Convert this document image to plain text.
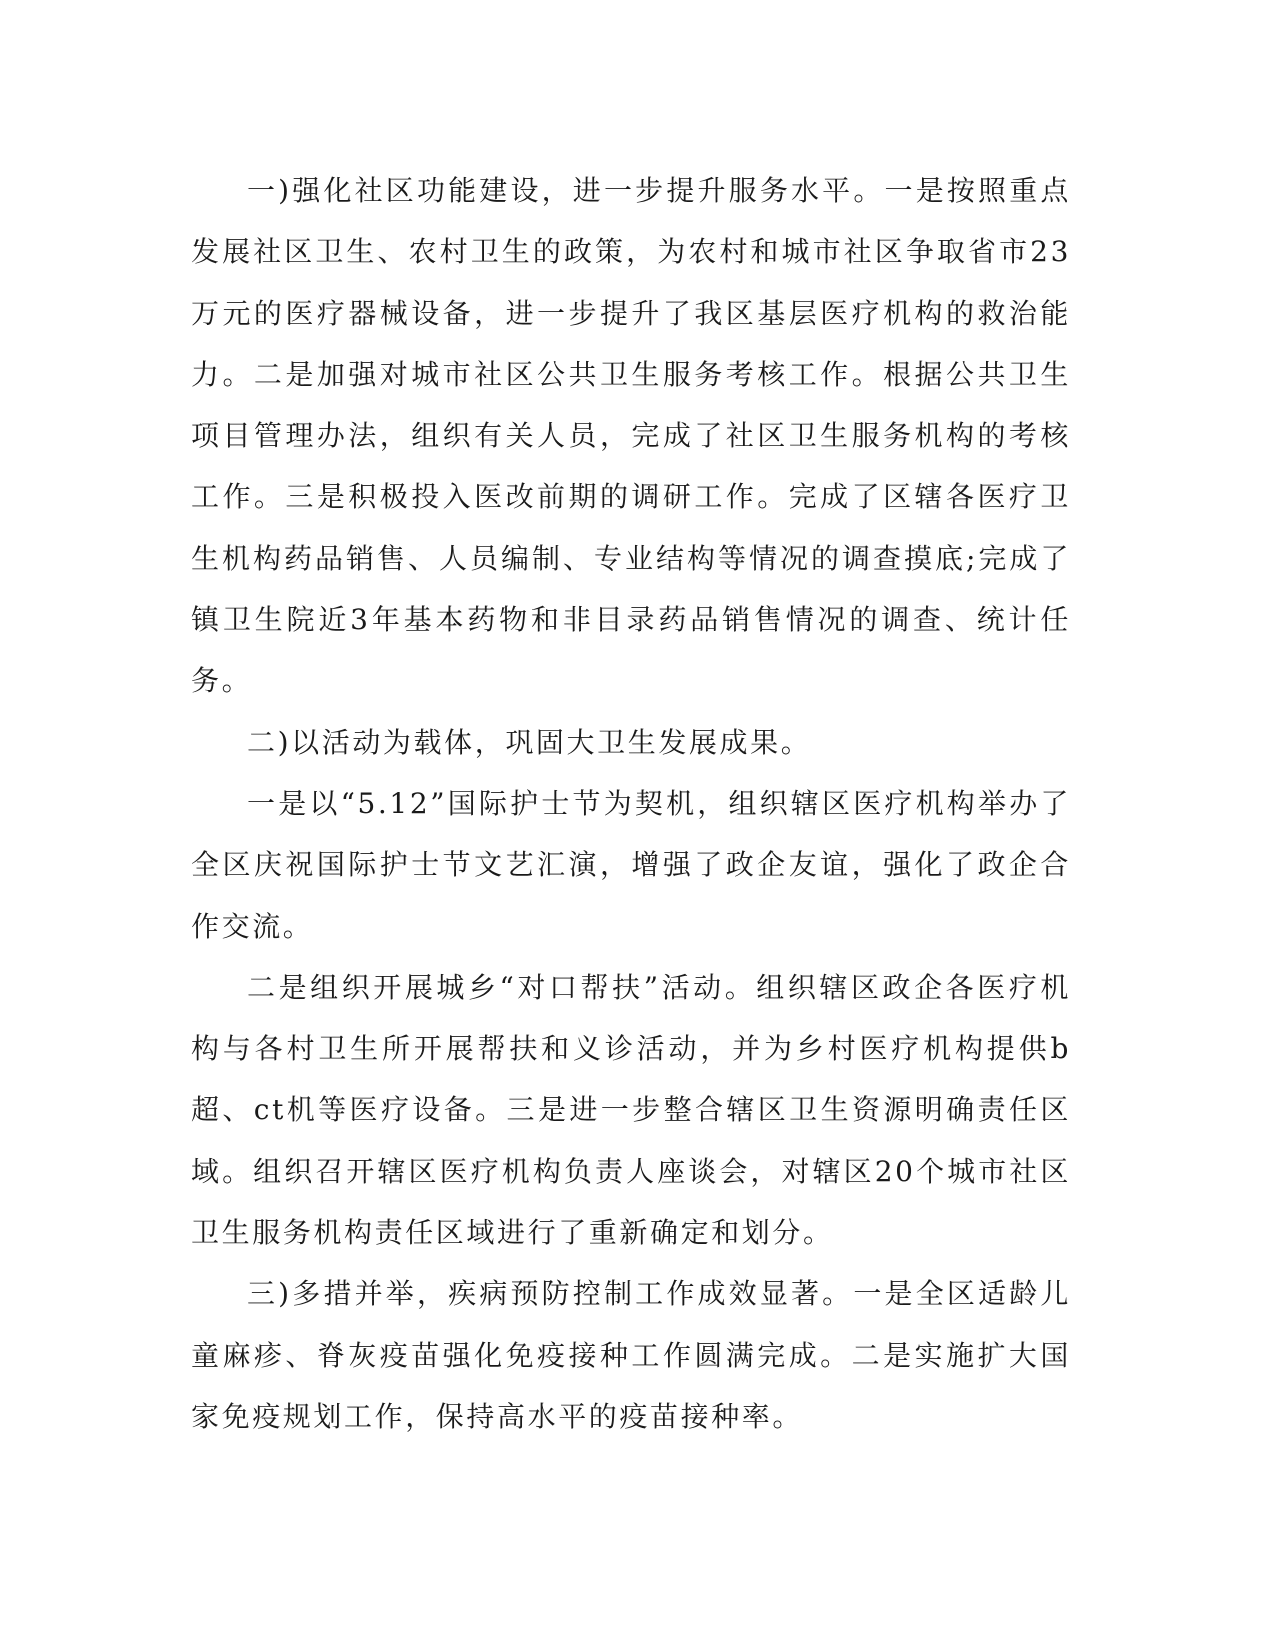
一)强化社区功能建设，进一步提升服务水平。一是按照重点发展社区卫生、农村卫生的政策，为农村和城市社区争取省市23万元的医疗器械设备，进一步提升了我区基层医疗机构的救治能力。二是加强对城市社区公共卫生服务考核工作。根据公共卫生项目管理办法，组织有关人员，完成了社区卫生服务机构的考核工作。三是积极投入医改前期的调研工作。完成了区辖各医疗卫生机构药品销售、人员编制、专业结构等情况的调查摸底;完成了镇卫生院近3年基本药物和非目录药品销售情况的调查、统计任务。

二)以活动为载体，巩固大卫生发展成果。

一是以“5.12”国际护士节为契机，组织辖区医疗机构举办了全区庆祝国际护士节文艺汇演，增强了政企友谊，强化了政企合作交流。

二是组织开展城乡“对口帮扶”活动。组织辖区政企各医疗机构与各村卫生所开展帮扶和义诊活动，并为乡村医疗机构提供b超、ct机等医疗设备。三是进一步整合辖区卫生资源明确责任区域。组织召开辖区医疗机构负责人座谈会，对辖区20个城市社区卫生服务机构责任区域进行了重新确定和划分。

三)多措并举，疾病预防控制工作成效显著。一是全区适龄儿童麻疹、脊灰疫苗强化免疫接种工作圆满完成。二是实施扩大国家免疫规划工作，保持高水平的疫苗接种率。
